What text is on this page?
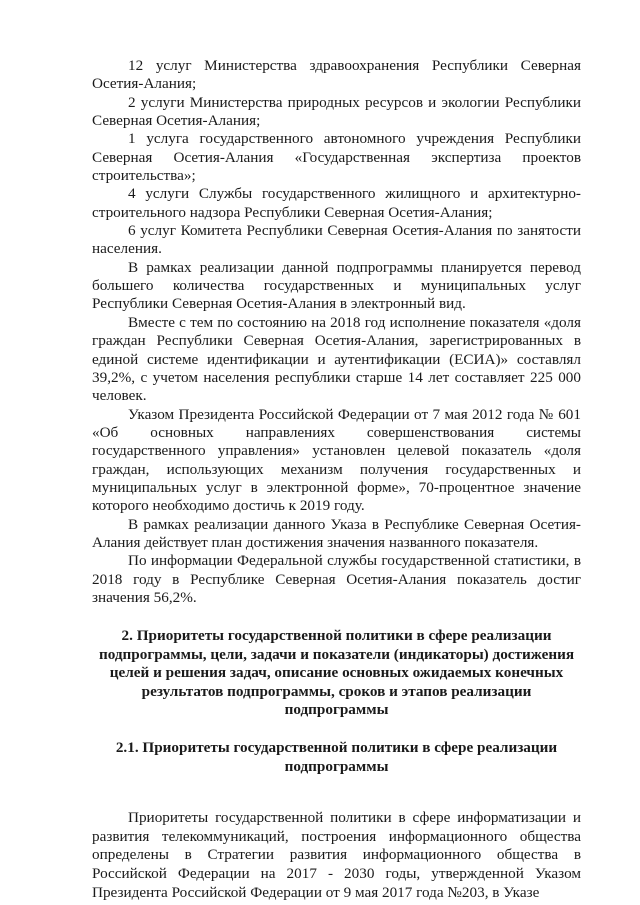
12 услуг Министерства здравоохранения Республики Северная Осетия-Алания;

2 услуги Министерства природных ресурсов и экологии Республики Северная Осетия-Алания;

1 услуга государственного автономного учреждения Республики Северная Осетия-Алания «Государственная экспертиза проектов строительства»;

4 услуги Службы государственного жилищного и архитектурно-строительного надзора Республики Северная Осетия-Алания;

6 услуг Комитета Республики Северная Осетия-Алания по занятости населения.

В рамках реализации данной подпрограммы планируется перевод большего количества государственных и муниципальных услуг Республики Северная Осетия-Алания в электронный вид.

Вместе с тем по состоянию на 2018 год исполнение показателя «доля граждан Республики Северная Осетия-Алания, зарегистрированных в единой системе идентификации и аутентификации (ЕСИА)» составлял 39,2%, с учетом населения республики старше 14 лет составляет 225 000 человек.

Указом Президента Российской Федерации от 7 мая 2012 года № 601 «Об основных направлениях совершенствования системы государственного управления» установлен целевой показатель «доля граждан, использующих механизм получения государственных и муниципальных услуг в электронной форме», 70-процентное значение которого необходимо достичь к 2019 году.

В рамках реализации данного Указа в Республике Северная Осетия-Алания действует план достижения значения названного показателя.

По информации Федеральной службы государственной статистики, в 2018 году в Республике Северная Осетия-Алания показатель достиг значения 56,2%.

2. Приоритеты государственной политики в сфере реализации подпрограммы, цели, задачи и показатели (индикаторы) достижения целей и решения задач, описание основных ожидаемых конечных результатов подпрограммы, сроков и этапов реализации подпрограммы

2.1. Приоритеты государственной политики в сфере реализации подпрограммы

Приоритеты государственной политики в сфере информатизации и развития телекоммуникаций, построения информационного общества определены в Стратегии развития информационного общества в Российской Федерации на 2017 - 2030 годы, утвержденной Указом Президента Российской Федерации от 9 мая 2017 года №203, в Указе
